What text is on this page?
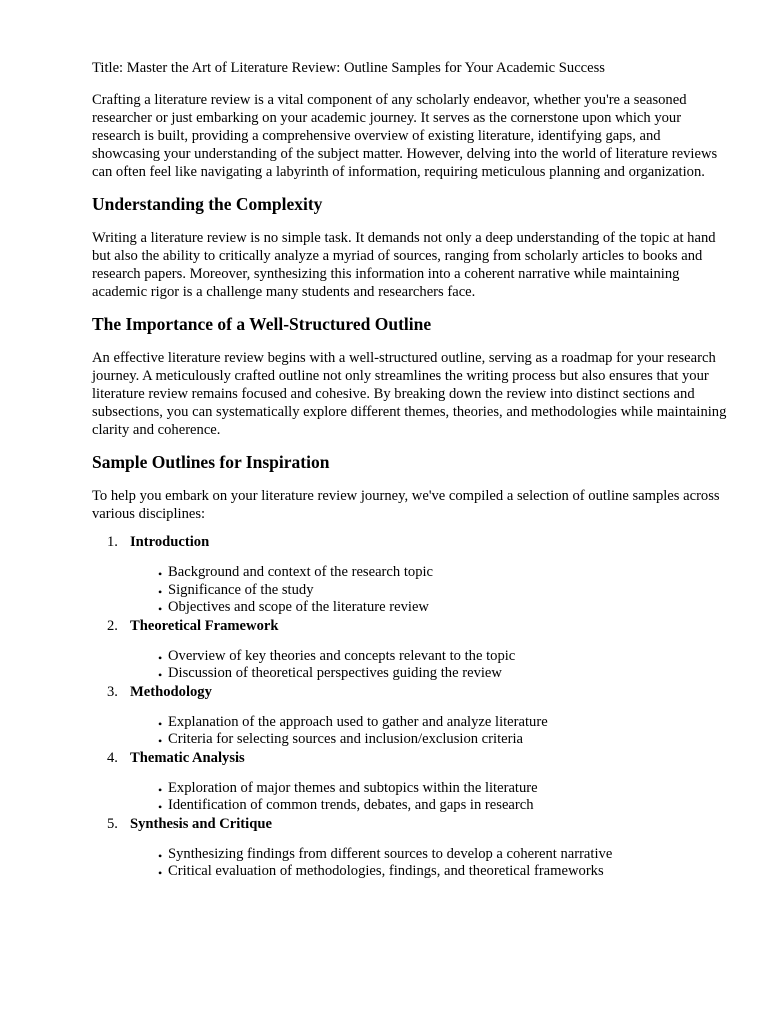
Title: Master the Art of Literature Review: Outline Samples for Your Academic Success

Crafting a literature review is a vital component of any scholarly endeavor, whether you're a seasoned researcher or just embarking on your academic journey. It serves as the cornerstone upon which your research is built, providing a comprehensive overview of existing literature, identifying gaps, and showcasing your understanding of the subject matter. However, delving into the world of literature reviews can often feel like navigating a labyrinth of information, requiring meticulous planning and organization.

Understanding the Complexity

Writing a literature review is no simple task. It demands not only a deep understanding of the topic at hand but also the ability to critically analyze a myriad of sources, ranging from scholarly articles to books and research papers. Moreover, synthesizing this information into a coherent narrative while maintaining academic rigor is a challenge many students and researchers face.

The Importance of a Well-Structured Outline

An effective literature review begins with a well-structured outline, serving as a roadmap for your research journey. A meticulously crafted outline not only streamlines the writing process but also ensures that your literature review remains focused and cohesive. By breaking down the review into distinct sections and subsections, you can systematically explore different themes, theories, and methodologies while maintaining clarity and coherence.

Sample Outlines for Inspiration

To help you embark on your literature review journey, we've compiled a selection of outline samples across various disciplines:

1. Introduction
• Background and context of the research topic
• Significance of the study
• Objectives and scope of the literature review
2. Theoretical Framework
• Overview of key theories and concepts relevant to the topic
• Discussion of theoretical perspectives guiding the review
3. Methodology
• Explanation of the approach used to gather and analyze literature
• Criteria for selecting sources and inclusion/exclusion criteria
4. Thematic Analysis
• Exploration of major themes and subtopics within the literature
• Identification of common trends, debates, and gaps in research
5. Synthesis and Critique
• Synthesizing findings from different sources to develop a coherent narrative
• Critical evaluation of methodologies, findings, and theoretical frameworks
